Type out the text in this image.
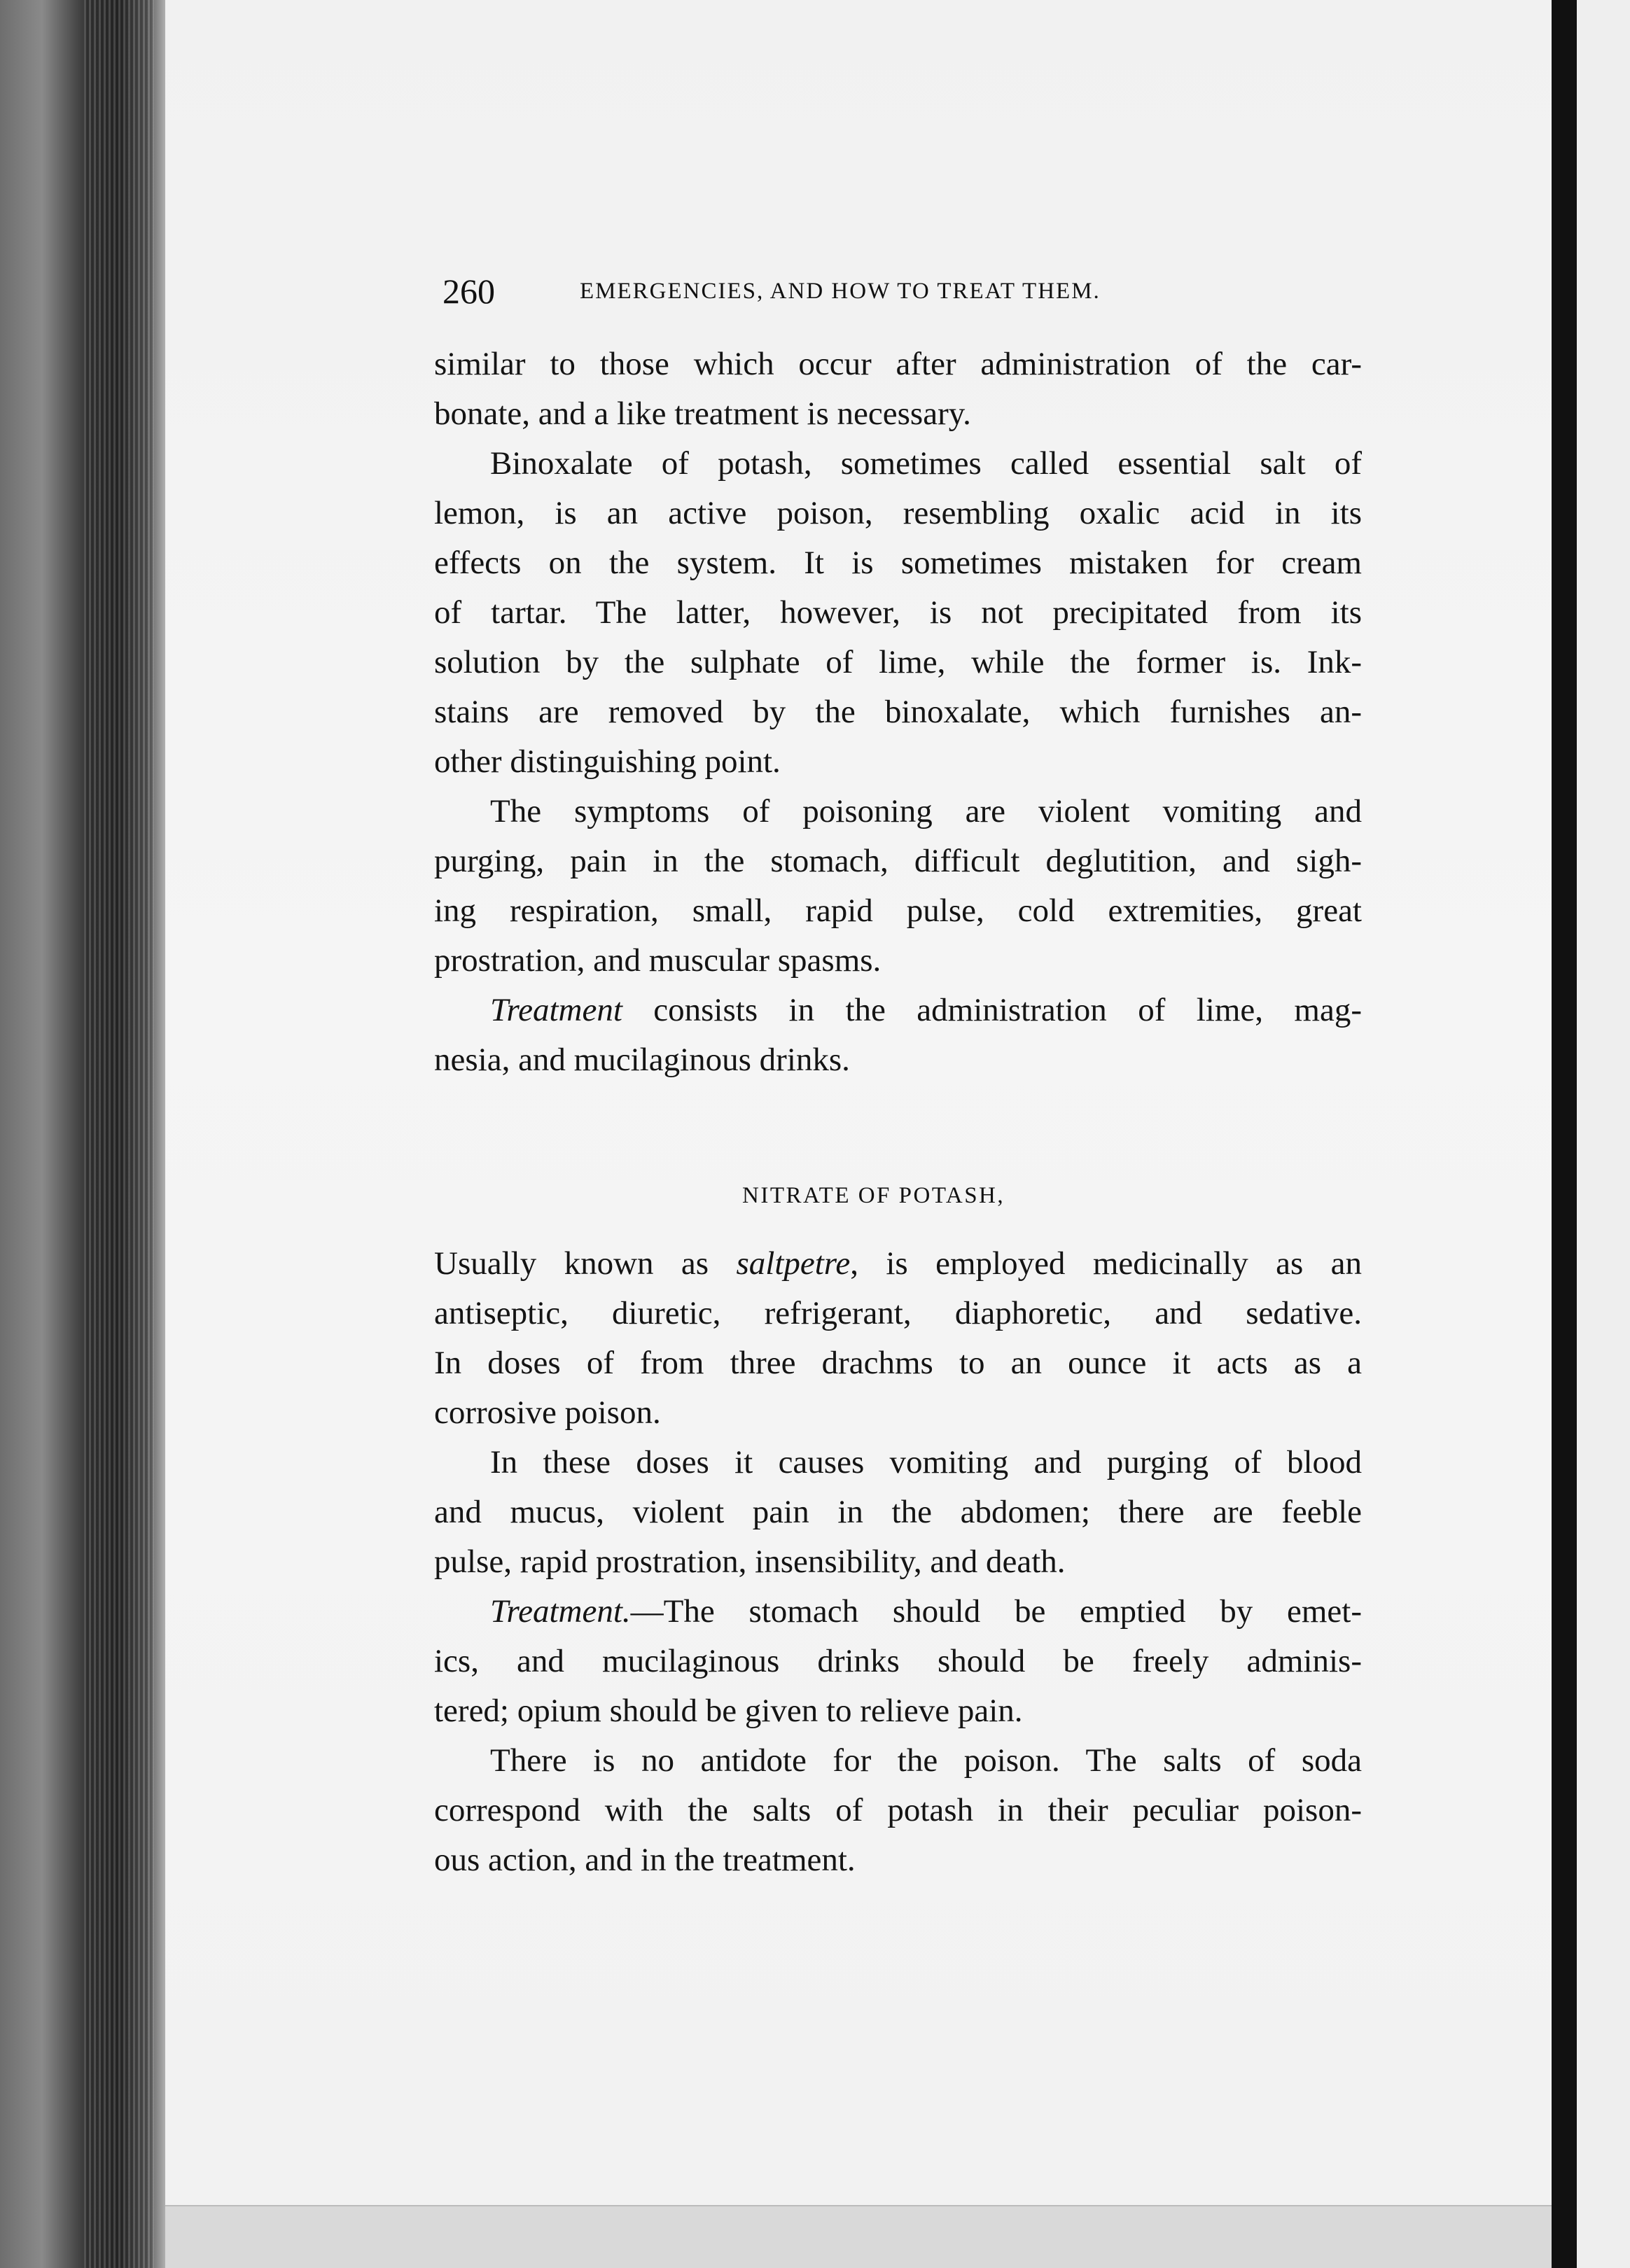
260	EMERGENCIES, AND HOW TO TREAT THEM.
similar to those which occur after administration of the car-
bonate, and a like treatment is necessary.
Binoxalate of potash, sometimes called essential salt of
lemon, is an active poison, resembling oxalic acid in its
effects on the system. It is sometimes mistaken for cream
of tartar. The latter, however, is not precipitated from its
solution by the sulphate of lime, while the former is. Ink-
stains are removed by the binoxalate, which furnishes an-
other distinguishing point.
The symptoms of poisoning are violent vomiting and
purging, pain in the stomach, difficult deglutition, and sigh-
ing respiration, small, rapid pulse, cold extremities, great
prostration, and muscular spasms.
Treatment consists in the administration of lime, mag-
nesia, and mucilaginous drinks.
NITRATE OF POTASH,
Usually known as saltpetre, is employed medicinally as an
antiseptic, diuretic, refrigerant, diaphoretic, and sedative.
In doses of from three drachms to an ounce it acts as a
corrosive poison.
In these doses it causes vomiting and purging of blood
and mucus, violent pain in the abdomen; there are feeble
pulse, rapid prostration, insensibility, and death.
Treatment.—The stomach should be emptied by emet-
ics, and mucilaginous drinks should be freely adminis-
tered; opium should be given to relieve pain.
There is no antidote for the poison. The salts of soda
correspond with the salts of potash in their peculiar poison-
ous action, and in the treatment.
